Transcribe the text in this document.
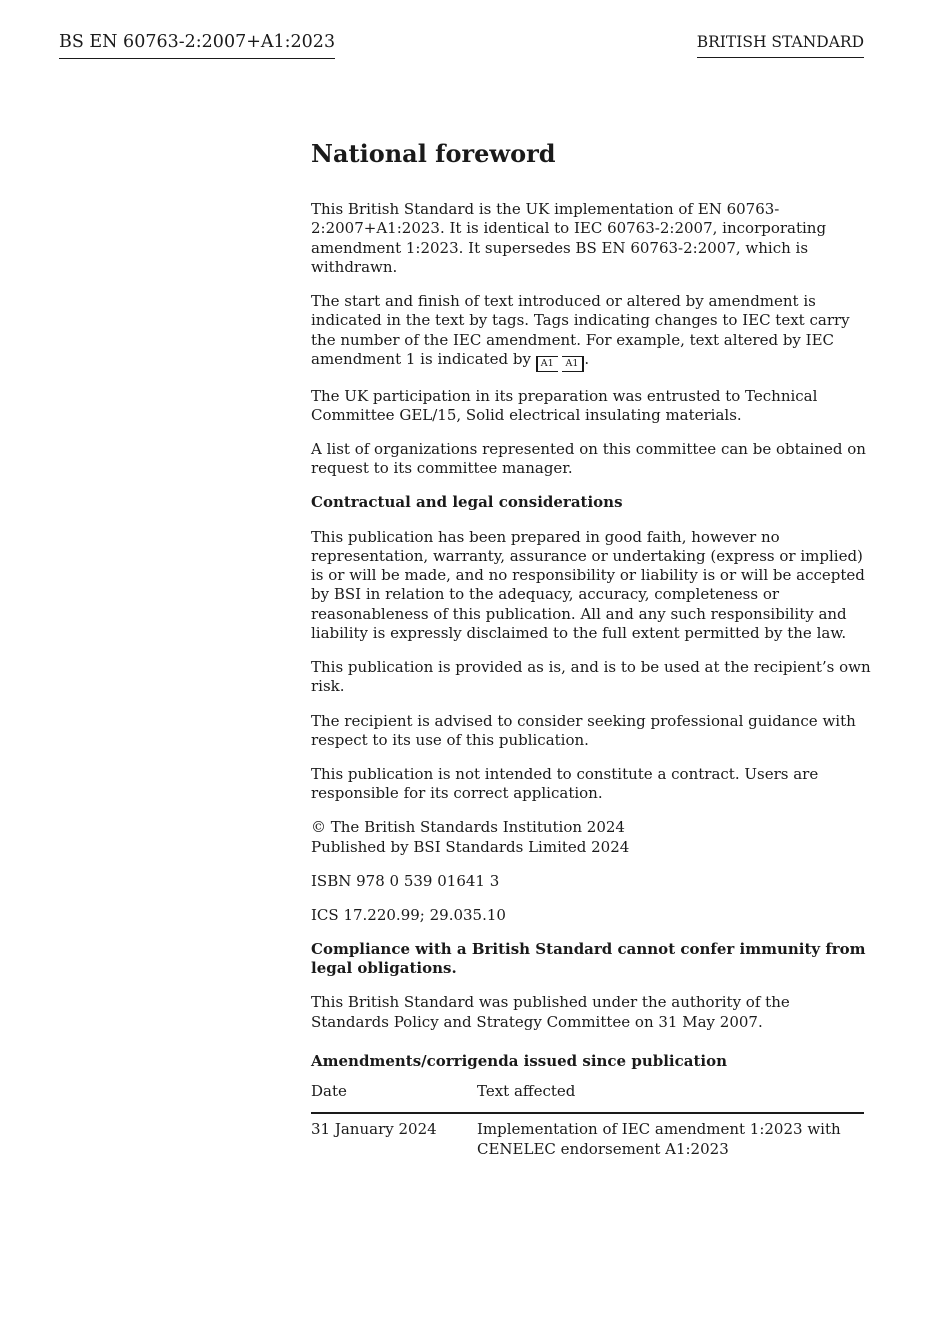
BS EN 60763-2:2007+A1:2023	BRITISH STANDARD
National foreword

This British Standard is the UK implementation of EN 60763-2:2007+A1:2023. It is identical to IEC 60763-2:2007, incorporating amendment 1:2023. It supersedes BS EN 60763-2:2007, which is withdrawn.

The start and finish of text introduced or altered by amendment is indicated in the text by tags. Tags indicating changes to IEC text carry the number of the IEC amendment. For example, text altered by IEC amendment 1 is indicated by A1 A1 .

The UK participation in its preparation was entrusted to Technical Committee GEL/15, Solid electrical insulating materials.

A list of organizations represented on this committee can be obtained on request to its committee manager.

Contractual and legal considerations

This publication has been prepared in good faith, however no representation, warranty, assurance or undertaking (express or implied) is or will be made, and no responsibility or liability is or will be accepted by BSI in relation to the adequacy, accuracy, completeness or reasonableness of this publication. All and any such responsibility and liability is expressly disclaimed to the full extent permitted by the law.

This publication is provided as is, and is to be used at the recipient’s own risk.

The recipient is advised to consider seeking professional guidance with respect to its use of this publication.

This publication is not intended to constitute a contract. Users are responsible for its correct application.

© The British Standards Institution 2024
Published by BSI Standards Limited 2024

ISBN 978 0 539 01641 3

ICS 17.220.99; 29.035.10

Compliance with a British Standard cannot confer immunity from legal obligations.

This British Standard was published under the authority of the Standards Policy and Strategy Committee on 31 May 2007.

Amendments/corrigenda issued since publication

Date	Text affected
31 January 2024	Implementation of IEC amendment 1:2023 with CENELEC endorsement A1:2023
